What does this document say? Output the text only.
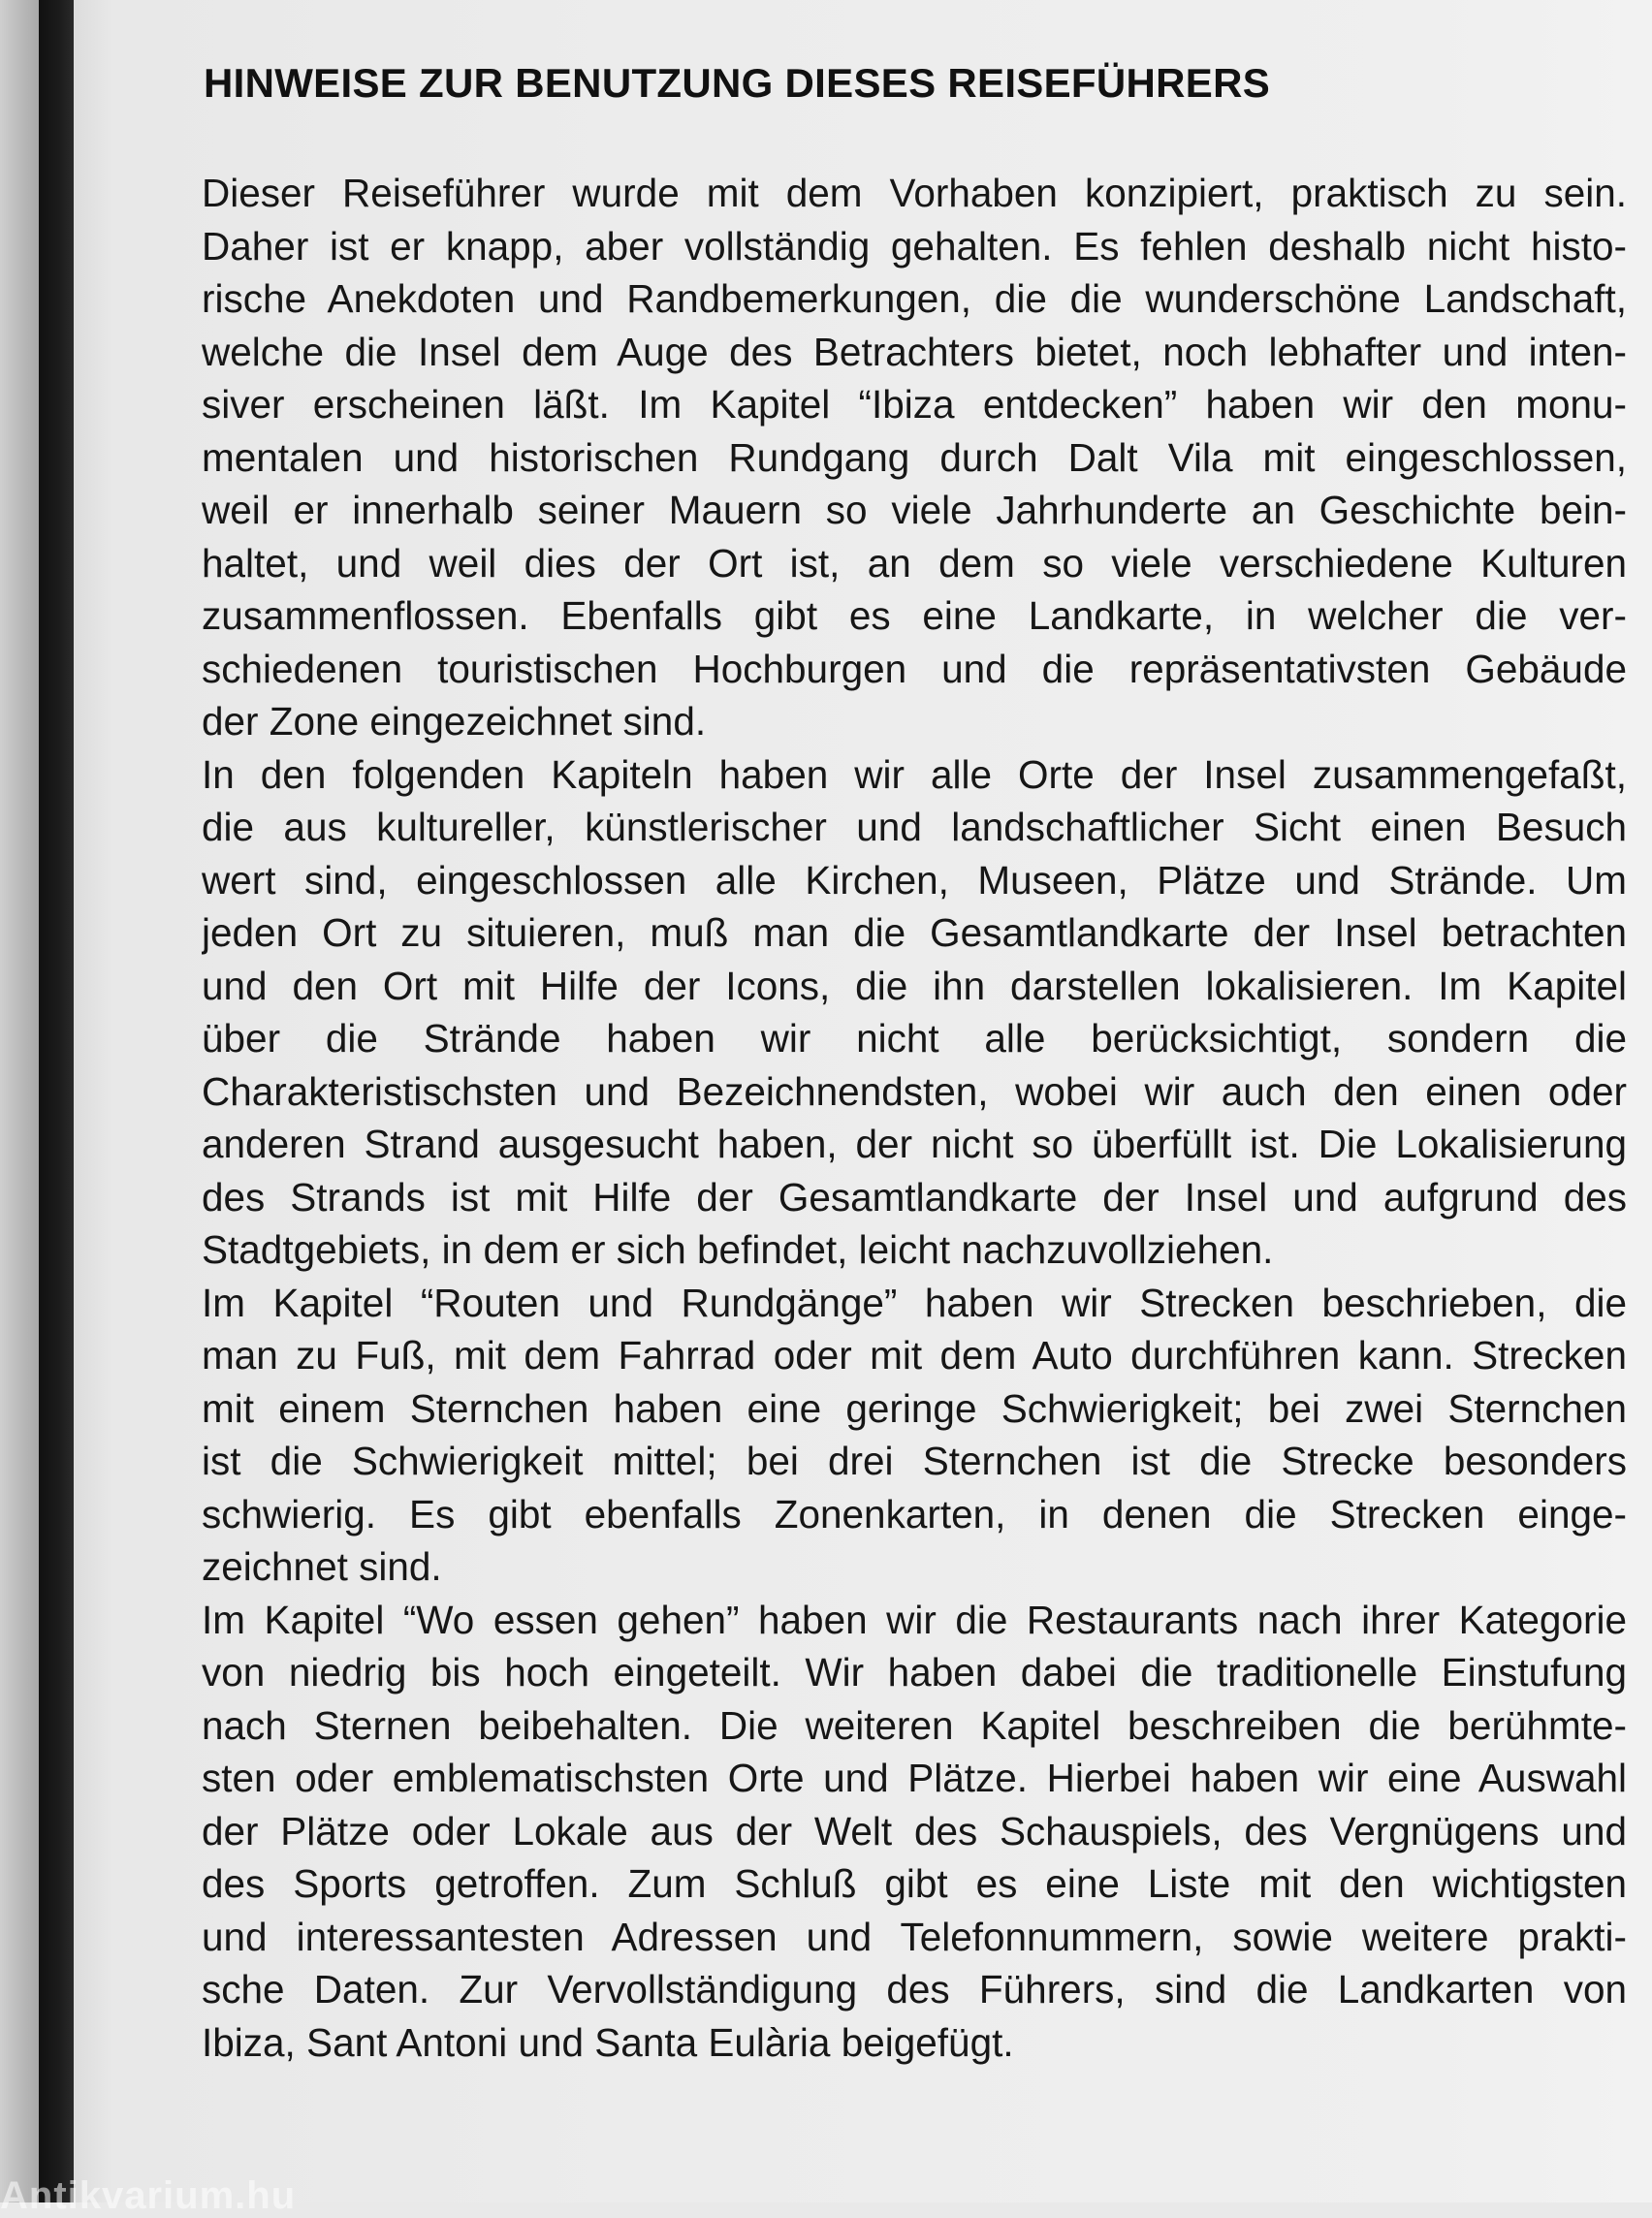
HINWEISE ZUR BENUTZUNG DIESES REISEFÜHRERS
Dieser Reiseführer wurde mit dem Vorhaben konzipiert, praktisch zu sein.
Daher ist er knapp, aber vollständig gehalten. Es fehlen deshalb nicht histo-
rische Anekdoten und Randbemerkungen, die die wunderschöne Landschaft,
welche die Insel dem Auge des Betrachters bietet, noch lebhafter und inten-
siver erscheinen läßt. Im Kapitel “Ibiza entdecken” haben wir den monu-
mentalen und historischen Rundgang durch Dalt Vila mit eingeschlossen,
weil er innerhalb seiner Mauern so viele Jahrhunderte an Geschichte bein-
haltet, und weil dies der Ort ist, an dem so viele verschiedene Kulturen
zusammenflossen. Ebenfalls gibt es eine Landkarte, in welcher die ver-
schiedenen touristischen Hochburgen und die repräsentativsten Gebäude
der Zone eingezeichnet sind.
In den folgenden Kapiteln haben wir alle Orte der Insel zusammengefaßt,
die aus kultureller, künstlerischer und landschaftlicher Sicht einen Besuch
wert sind, eingeschlossen alle Kirchen, Museen, Plätze und Strände. Um
jeden Ort zu situieren, muß man die Gesamtlandkarte der Insel betrachten
und den Ort mit Hilfe der Icons, die ihn darstellen lokalisieren. Im Kapitel
über die Strände haben wir nicht alle berücksichtigt, sondern die
Charakteristischsten und Bezeichnendsten, wobei wir auch den einen oder
anderen Strand ausgesucht haben, der nicht so überfüllt ist. Die Lokalisierung
des Strands ist mit Hilfe der Gesamtlandkarte der Insel und aufgrund des
Stadtgebiets, in dem er sich befindet, leicht nachzuvollziehen.
Im Kapitel “Routen und Rundgänge” haben wir Strecken beschrieben, die
man zu Fuß, mit dem Fahrrad oder mit dem Auto durchführen kann. Strecken
mit einem Sternchen haben eine geringe Schwierigkeit; bei zwei Sternchen
ist die Schwierigkeit mittel; bei drei Sternchen ist die Strecke besonders
schwierig. Es gibt ebenfalls Zonenkarten, in denen die Strecken einge-
zeichnet sind.
Im Kapitel “Wo essen gehen” haben wir die Restaurants nach ihrer Kategorie
von niedrig bis hoch eingeteilt. Wir haben dabei die traditionelle Einstufung
nach Sternen beibehalten. Die weiteren Kapitel beschreiben die berühmte-
sten oder emblematischsten Orte und Plätze. Hierbei haben wir eine Auswahl
der Plätze oder Lokale aus der Welt des Schauspiels, des Vergnügens und
des Sports getroffen. Zum Schluß gibt es eine Liste mit den wichtigsten
und interessantesten Adressen und Telefonnummern, sowie weitere prakti-
sche Daten. Zur Vervollständigung des Führers, sind die Landkarten von
Ibiza, Sant Antoni und Santa Eulària beigefügt.
Antikvarium.hu
